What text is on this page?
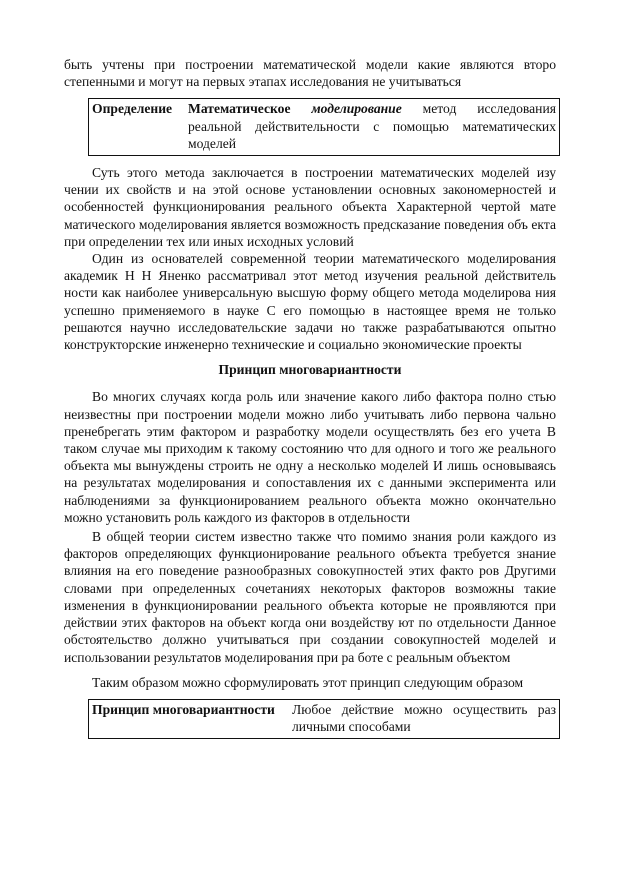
быть учтены при построении математической модели какие являются второ степенными и могут на первых этапах исследования не учитываться

Определение	Математическое моделирование метод исследования реальной действительности с помощью математических моделей

Суть этого метода заключается в построении математических моделей изу чении их свойств и на этой основе установлении основных закономерностей и особенностей функционирования реального объекта Характерной чертой мате матического моделирования является возможность предсказание поведения объ екта при определении тех или иных исходных условий

Один из основателей современной теории математического моделирования академик Н Н Яненко рассматривал этот метод изучения реальной действитель ности как наиболее универсальную высшую форму общего метода моделирова ния успешно применяемого в науке С его помощью в настоящее время не только решаются научно исследовательские задачи но также разрабатываются опытно конструкторские инженерно технические и социально экономические проекты

Принцип многовариантности

Во многих случаях когда роль или значение какого либо фактора полно стью неизвестны при построении модели можно либо учитывать либо первона чально пренебрегать этим фактором и разработку модели осуществлять без его учета В таком случае мы приходим к такому состоянию что для одного и того же реального объекта мы вынуждены строить не одну а несколько моделей И лишь основываясь на результатах моделирования и сопоставления их с данными эксперимента или наблюдениями за функционированием реального объекта можно окончательно можно установить роль каждого из факторов в отдельности

В общей теории систем известно также что помимо знания роли каждого из факторов определяющих функционирование реального объекта требуется знание влияния на его поведение разнообразных совокупностей этих факто ров Другими словами при определенных сочетаниях некоторых факторов возможны такие изменения в функционировании реального объекта которые не проявляются при действии этих факторов на объект когда они воздейству ют по отдельности Данное обстоятельство должно учитываться при создании совокупностей моделей и использовании результатов моделирования при ра боте с реальным объектом

Таким образом можно сформулировать этот принцип следующим образом

Принцип многовариантности	Любое действие можно осуществить раз личными способами
